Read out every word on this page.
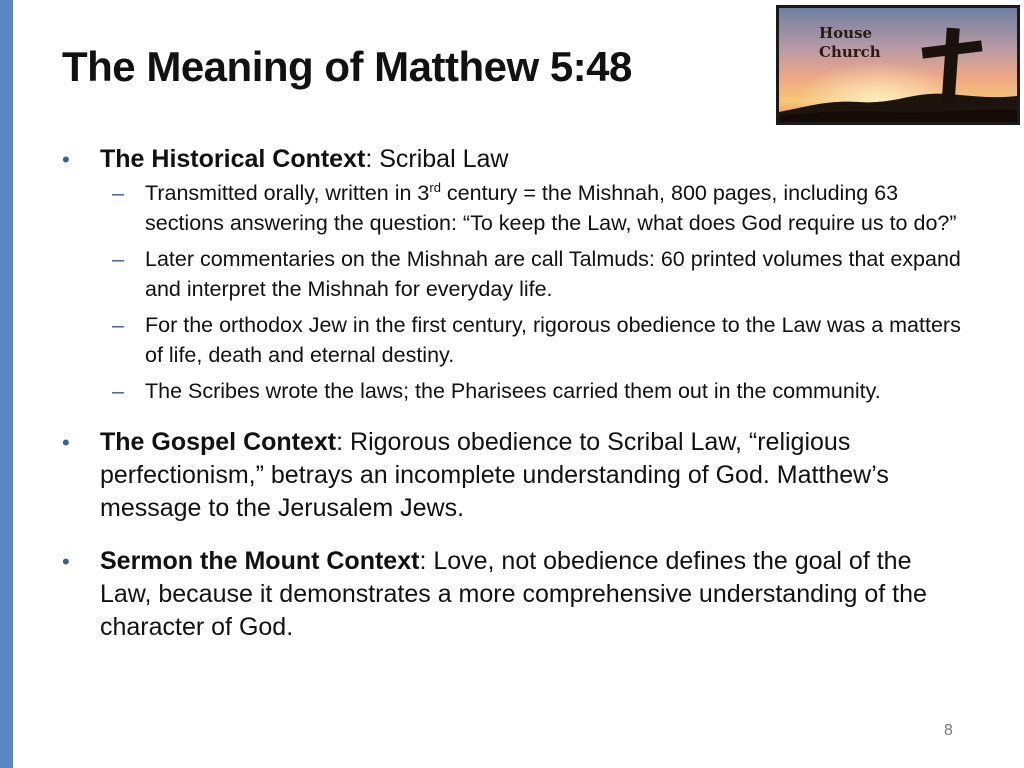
The Meaning of Matthew 5:48
House
Church
• The Historical Context: Scribal Law
– Transmitted orally, written in 3rd century = the Mishnah, 800 pages, including 63 sections answering the question: “To keep the Law, what does God require us to do?”
– Later commentaries on the Mishnah are call Talmuds: 60 printed volumes that expand and interpret the Mishnah for everyday life.
– For the orthodox Jew in the first century, rigorous obedience to the Law was a matters of life, death and eternal destiny.
– The Scribes wrote the laws; the Pharisees carried them out in the community.
• The Gospel Context: Rigorous obedience to Scribal Law, “religious perfectionism,” betrays an incomplete understanding of God. Matthew’s message to the Jerusalem Jews.
• Sermon the Mount Context: Love, not obedience defines the goal of the Law, because it demonstrates a more comprehensive understanding of the character of God.
8
